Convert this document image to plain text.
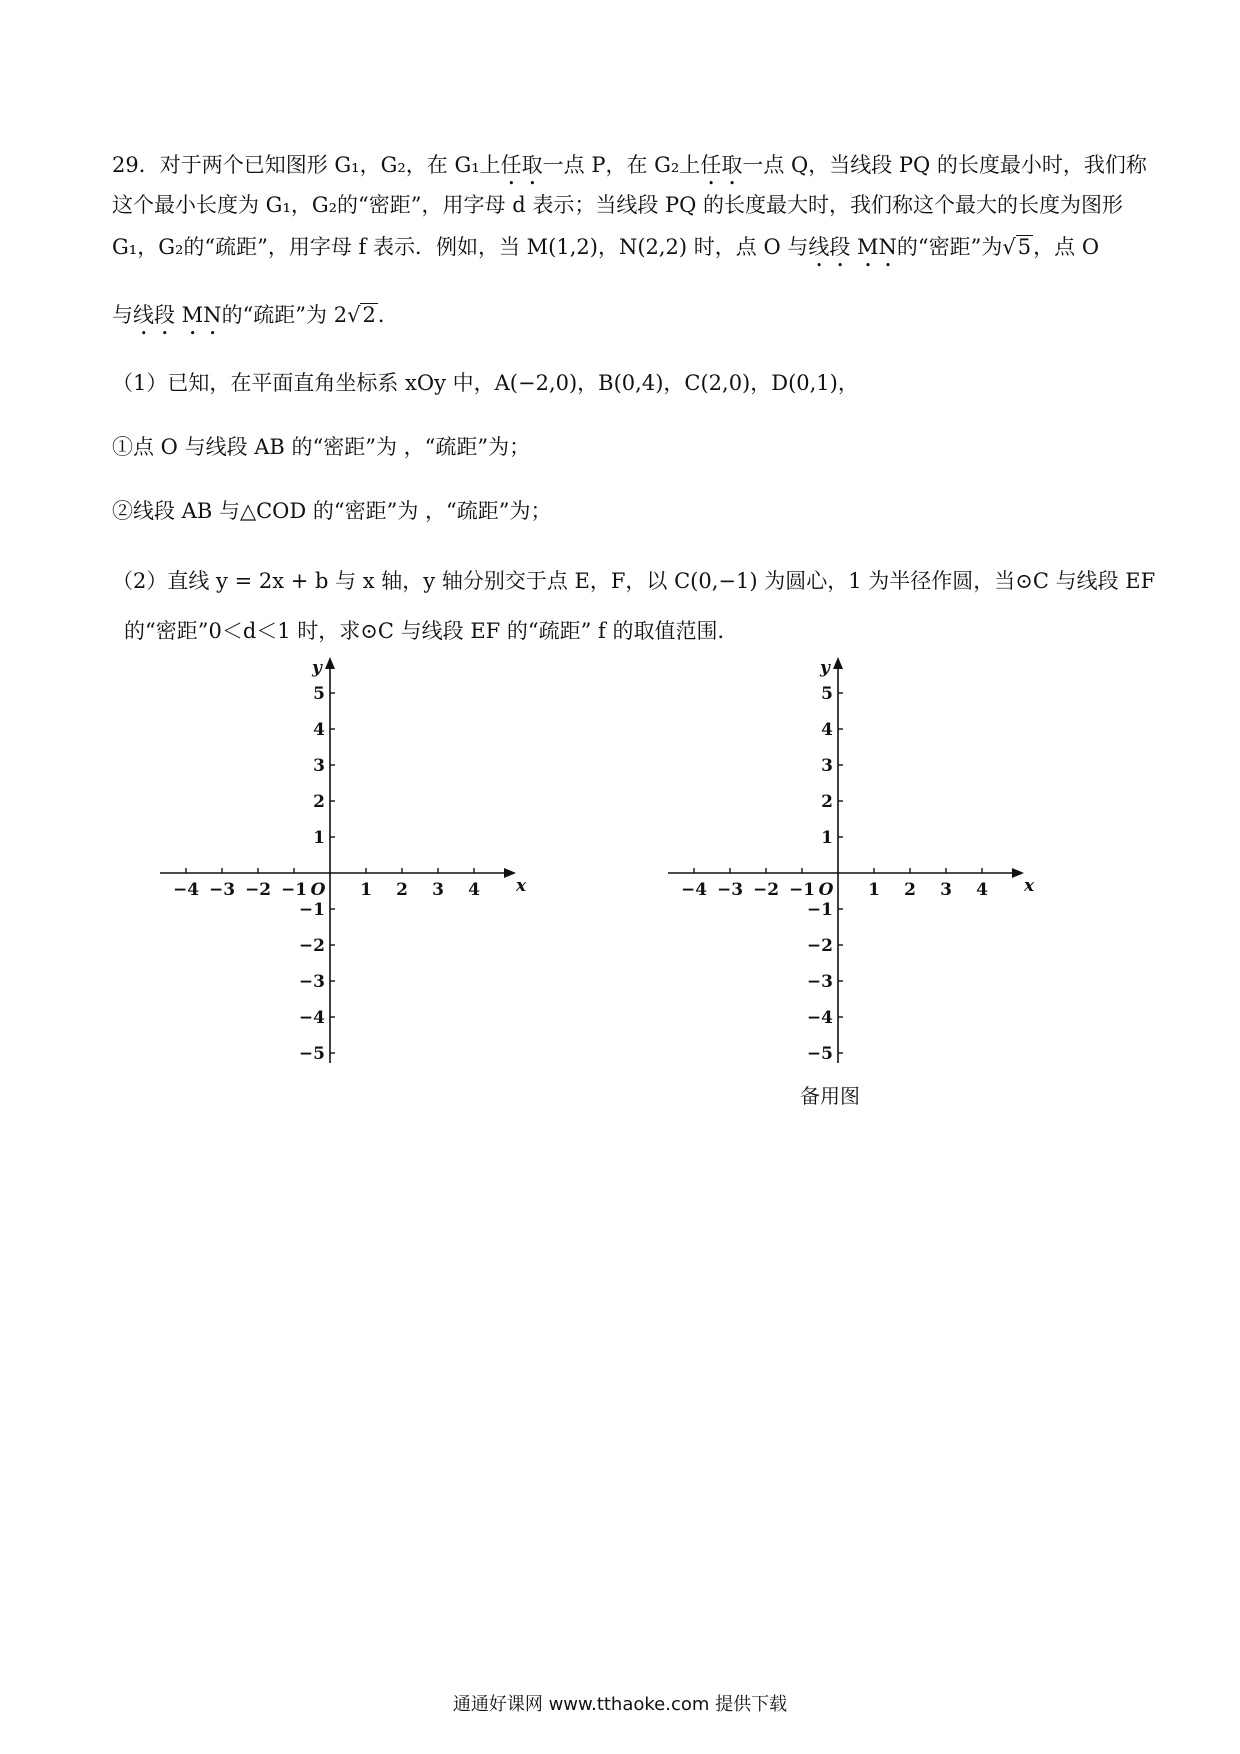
29．对于两个已知图形 G₁，G₂，在 G₁上任取一点 P，在 G₂上任取一点 Q，当线段 PQ 的长度最小时，我们称
这个最小长度为 G₁，G₂的“密距”，用字母 d 表示；当线段 PQ 的长度最大时，我们称这个最大的长度为图形
G₁，G₂的“疏距”，用字母 f 表示．例如，当 M(1,2)，N(2,2) 时，点 O 与线段 MN的“密距”为√5，点 O
与线段 MN的“疏距”为 2√2．
（1）已知，在平面直角坐标系 xOy 中，A(−2,0)，B(0,4)，C(2,0)，D(0,1)，
①点 O 与线段 AB 的“密距”为 ，“疏距”为；
②线段 AB 与△COD 的“密距”为 ，“疏距”为；
（2）直线 y = 2x + b 与 x 轴，y 轴分别交于点 E，F，以 C(0,−1) 为圆心，1 为半径作圆，当⊙C 与线段 EF
的“密距”0＜d＜1 时，求⊙C 与线段 EF 的“疏距” f 的取值范围．
−4 −3 −2 −1	1 2 3 4
1
2
3
4
5
−1
−2
−3
−4
−5
O	x
y
−4 −3 −2 −1	1 2 3 4
1
2
3
4
5
−1
−2
−3
−4
−5
O	x
y
备用图
通通好课网 www.tthaoke.com 提供下载
